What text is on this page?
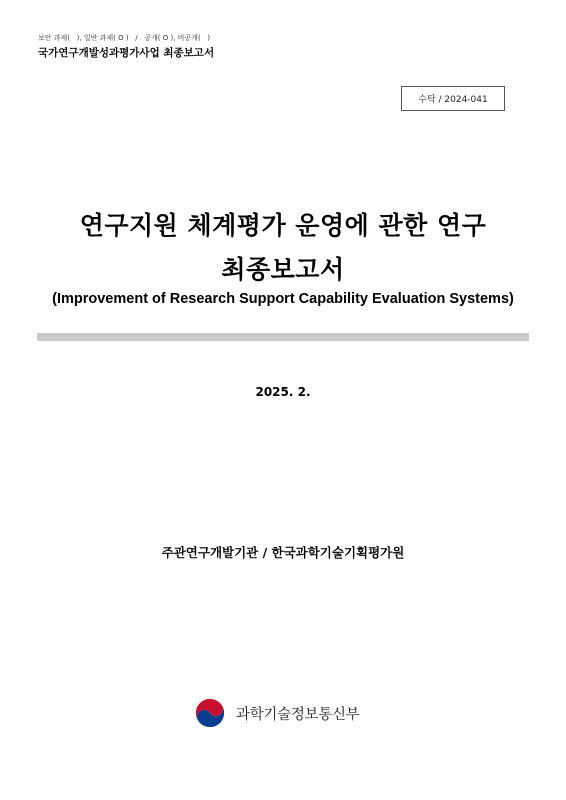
보안 과제(   ), 일반 과제( O )   /   공개( O ), 비공개(   )
국가연구개발성과평가사업 최종보고서
수탁 / 2024-041
연구지원 체계평가 운영에 관한 연구
최종보고서
(Improvement of Research Support Capability Evaluation Systems)
2025. 2.
주관연구개발기관 / 한국과학기술기획평가원
과학기술정보통신부
